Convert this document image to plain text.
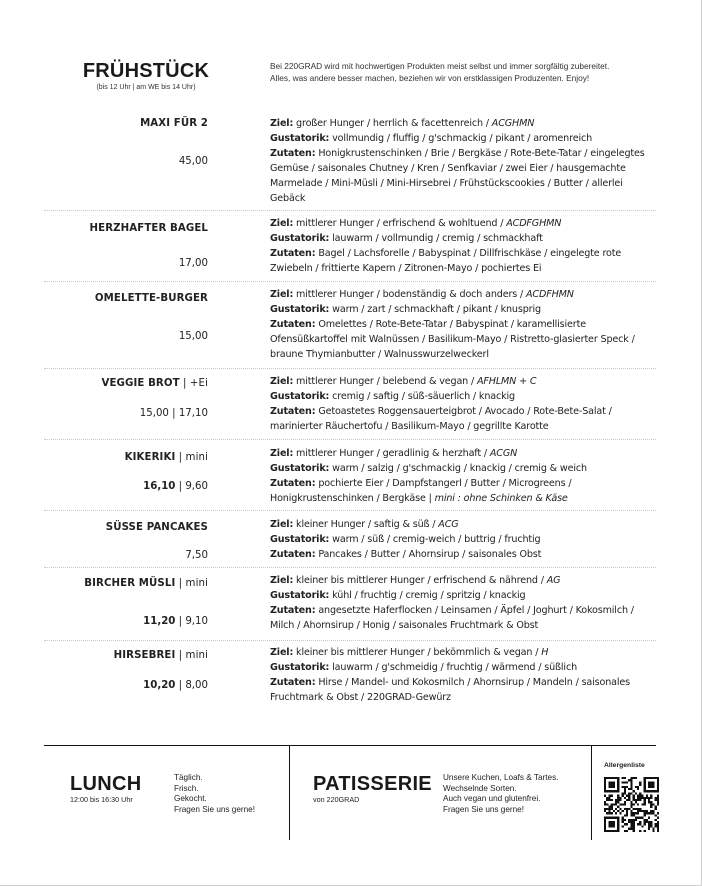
FRÜHSTÜCK
(bis 12 Uhr | am WE bis 14 Uhr)
Bei 220GRAD wird mit hochwertigen Produkten meist selbst und immer sorgfältig zubereitet.
Alles, was andere besser machen, beziehen wir von erstklassigen Produzenten. Enjoy!
MAXI FÜR 2
45,00
Ziel: großer Hunger / herrlich & facettenreich / ACGHMN
Gustatorik: vollmundig / fluffig / g'schmackig / pikant / aromenreich
Zutaten: Honigkrustenschinken / Brie / Bergkäse / Rote-Bete-Tatar / eingelegtes Gemüse / saisonales Chutney / Kren / Senfkaviar / zwei Eier / hausgemachte Marmelade / Mini-Müsli / Mini-Hirsebrei / Frühstückscookies / Butter / allerlei Gebäck
HERZHAFTER BAGEL
17,00
Ziel: mittlerer Hunger / erfrischend & wohltuend / ACDFGHMN
Gustatorik: lauwarm / vollmundig / cremig / schmackhaft
Zutaten: Bagel / Lachsforelle / Babyspinat / Dillfrischkäse / eingelegte rote Zwiebeln / frittierte Kapern / Zitronen-Mayo / pochiertes Ei
OMELETTE-BURGER
15,00
Ziel: mittlerer Hunger / bodenständig & doch anders / ACDFHMN
Gustatorik: warm / zart / schmackhaft / pikant / knusprig
Zutaten: Omelettes / Rote-Bete-Tatar / Babyspinat / karamellisierte Ofensüßkartoffel mit Walnüssen / Basilikum-Mayo / Ristretto-glasierter Speck / braune Thymianbutter / Walnusswurzelweckerl
VEGGIE BROT | +Ei
15,00 | 17,10
Ziel: mittlerer Hunger / belebend & vegan / AFHLMN + C
Gustatorik: cremig / saftig / süß-säuerlich / knackig
Zutaten: Getoastetes Roggensauerteigbrot / Avocado / Rote-Bete-Salat / marinierter Räuchertofu / Basilikum-Mayo / gegrillte Karotte
KIKERIKI | mini
16,10 | 9,60
Ziel: mittlerer Hunger / geradlinig & herzhaft / ACGN
Gustatorik: warm / salzig / g'schmackig / knackig / cremig & weich
Zutaten: pochierte Eier / Dampfstangerl / Butter / Microgreens / Honigkrustenschinken / Bergkäse | mini : ohne Schinken & Käse
SÜSSE PANCAKES
7,50
Ziel: kleiner Hunger / saftig & süß / ACG
Gustatorik: warm / süß / cremig-weich / buttrig / fruchtig
Zutaten: Pancakes / Butter / Ahornsirup / saisonales Obst
BIRCHER MÜSLI | mini
11,20 | 9,10
Ziel: kleiner bis mittlerer Hunger / erfrischend & nährend / AG
Gustatorik: kühl / fruchtig / cremig / spritzig / knackig
Zutaten: angesetzte Haferflocken / Leinsamen / Äpfel / Joghurt / Kokosmilch / Milch / Ahornsirup / Honig / saisonales Fruchtmark & Obst
HIRSEBREI | mini
10,20 | 8,00
Ziel: kleiner bis mittlerer Hunger / bekömmlich & vegan / H
Gustatorik: lauwarm / g'schmeidig / fruchtig / wärmend / süßlich
Zutaten: Hirse / Mandel- und Kokosmilch / Ahornsirup / Mandeln / saisonales Fruchtmark & Obst / 220GRAD-Gewürz
LUNCH
12:00 bis 16:30 Uhr
Täglich.
Frisch.
Gekocht.
Fragen Sie uns gerne!
PATISSERIE
von 220GRAD
Unsere Kuchen, Loafs & Tartes.
Wechselnde Sorten.
Auch vegan und glutenfrei.
Fragen Sie uns gerne!
Allergenliste
